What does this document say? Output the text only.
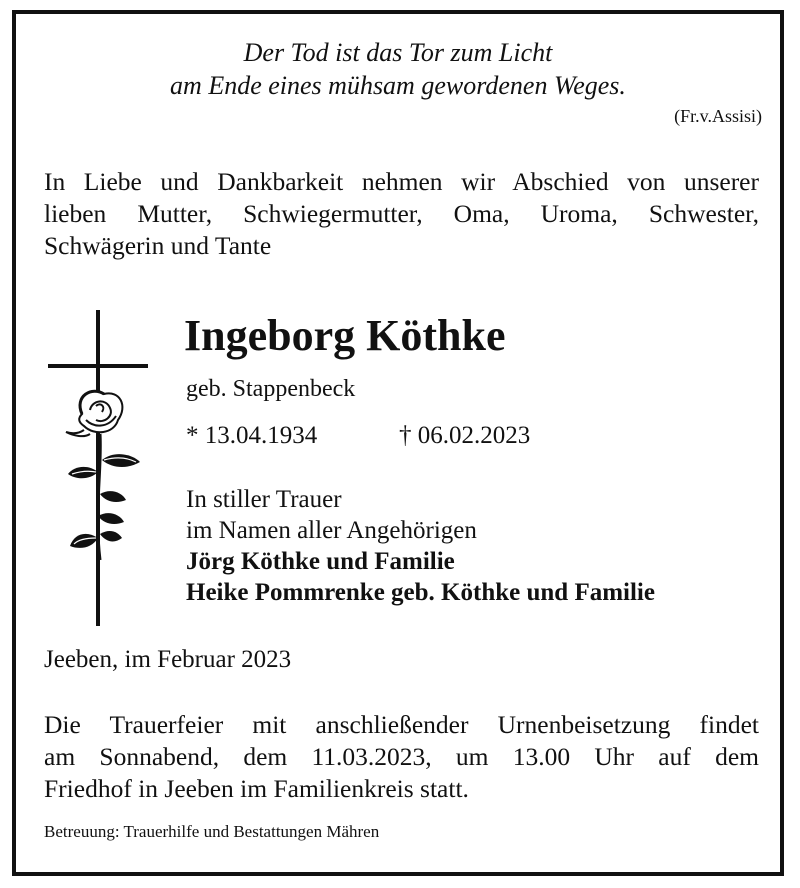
Der Tod ist das Tor zum Licht
am Ende eines mühsam gewordenen Weges.
(Fr.v.Assisi)
In Liebe und Dankbarkeit nehmen wir Abschied von unserer
lieben Mutter, Schwiegermutter, Oma, Uroma, Schwester,
Schwägerin und Tante
Ingeborg Köthke
geb. Stappenbeck
* 13.04.1934	† 06.02.2023
In stiller Trauer
im Namen aller Angehörigen
Jörg Köthke und Familie
Heike Pommrenke geb. Köthke und Familie
Jeeben, im Februar 2023
Die Trauerfeier mit anschließender Urnenbeisetzung findet
am Sonnabend, dem 11.03.2023, um 13.00 Uhr auf dem
Friedhof in Jeeben im Familienkreis statt.
Betreuung: Trauerhilfe und Bestattungen Mähren
